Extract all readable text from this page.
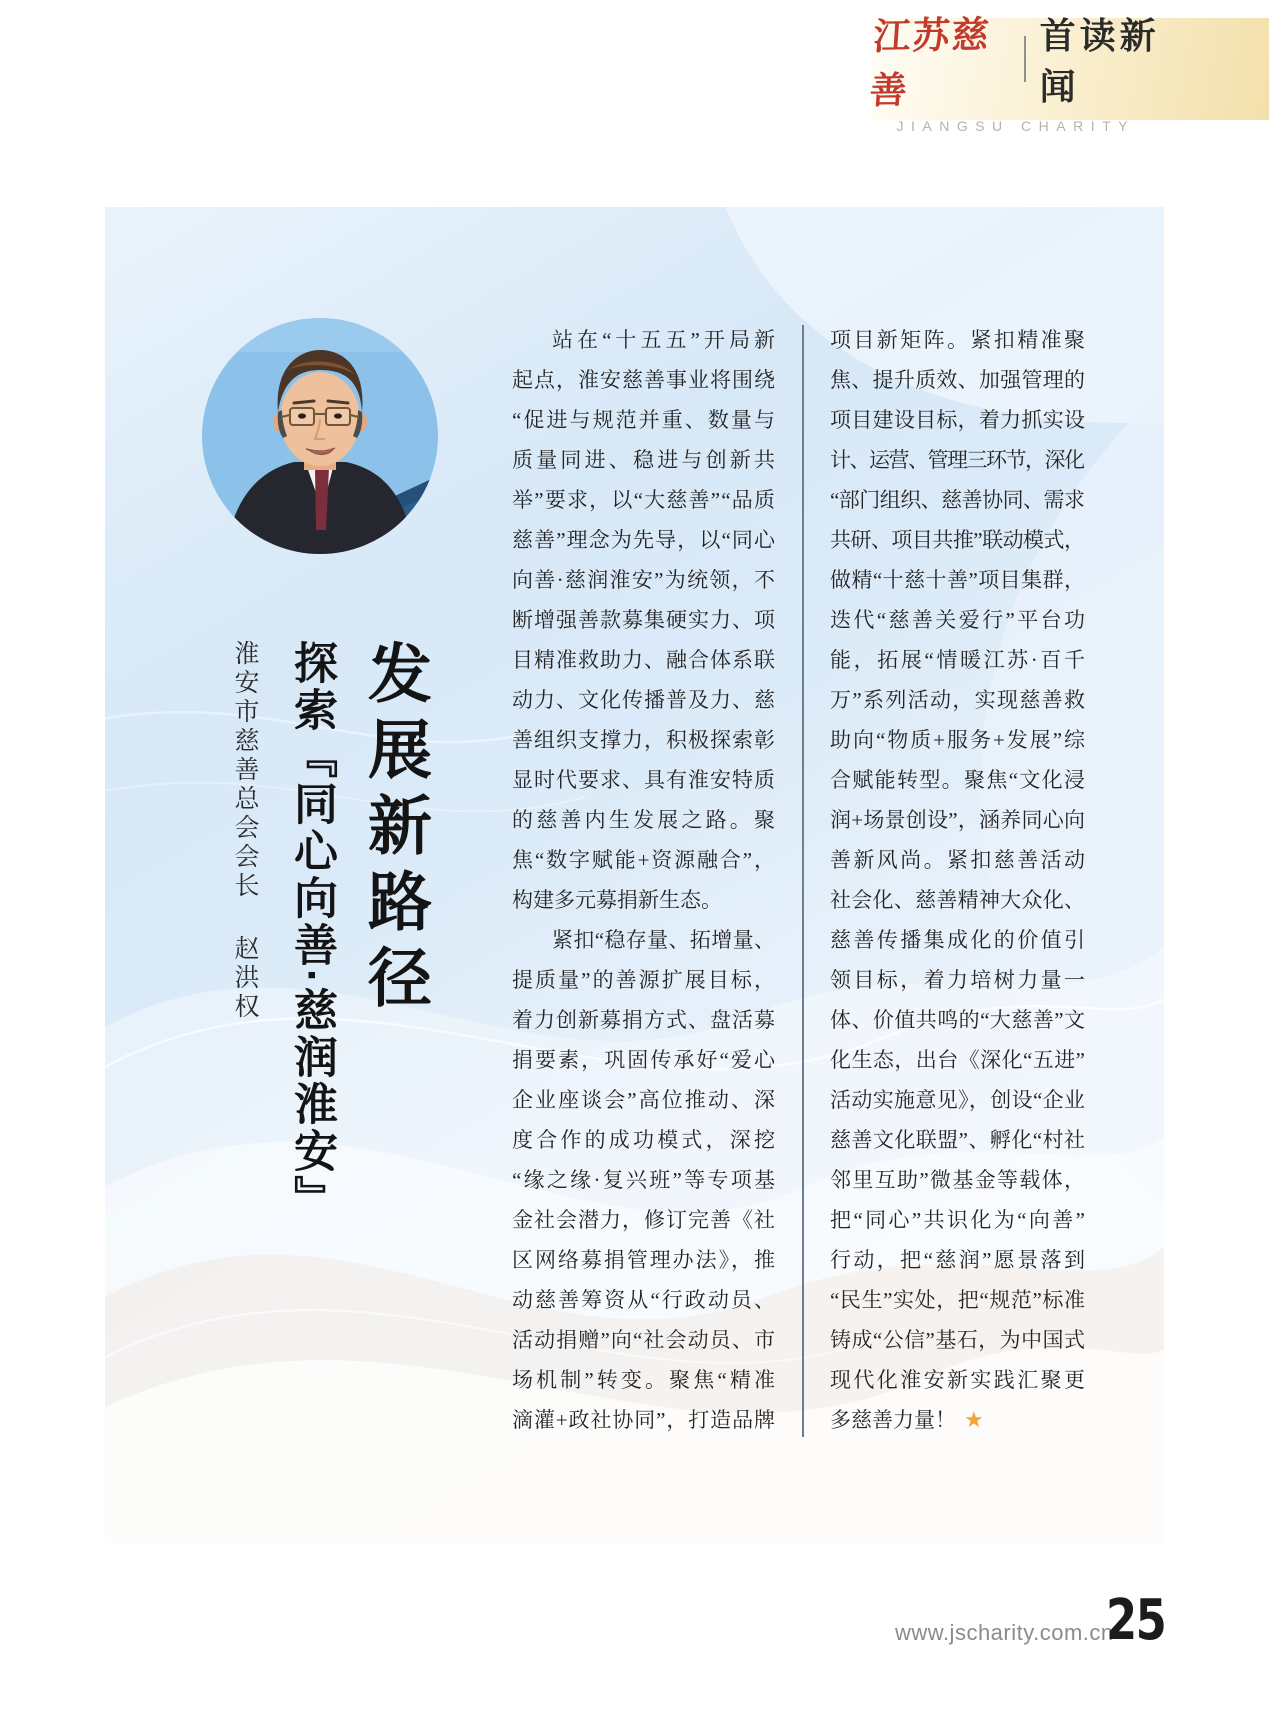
江苏慈善
首读新闻
JIANGSU CHARITY
发展新路径
探索『同心向善·慈润淮安』
淮安市慈善总会会长 赵洪权
站在“十五五”开局新
起点，淮安慈善事业将围绕
“促进与规范并重、数量与
质量同进、稳进与创新共
举”要求，以“大慈善”“品质
慈善”理念为先导，以“同心
向善·慈润淮安”为统领，不
断增强善款募集硬实力、项
目精准救助力、融合体系联
动力、文化传播普及力、慈
善组织支撑力，积极探索彰
显时代要求、具有淮安特质
的慈善内生发展之路。聚
焦“数字赋能+资源融合”，
构建多元募捐新生态。
紧扣“稳存量、拓增量、
提质量”的善源扩展目标，
着力创新募捐方式、盘活募
捐要素，巩固传承好“爱心
企业座谈会”高位推动、深
度合作的成功模式，深挖
“缘之缘·复兴班”等专项基
金社会潜力，修订完善《社
区网络募捐管理办法》，推
动慈善筹资从“行政动员、
活动捐赠”向“社会动员、市
场机制”转变。聚焦“精准
滴灌+政社协同”，打造品牌
项目新矩阵。紧扣精准聚
焦、提升质效、加强管理的
项目建设目标，着力抓实设
计、运营、管理三环节，深化
“部门组织、慈善协同、需求
共研、项目共推”联动模式，
做精“十慈十善”项目集群，
迭代“慈善关爱行”平台功
能，拓展“情暖江苏·百千
万”系列活动，实现慈善救
助向“物质+服务+发展”综
合赋能转型。聚焦“文化浸
润+场景创设”，涵养同心向
善新风尚。紧扣慈善活动
社会化、慈善精神大众化、
慈善传播集成化的价值引
领目标，着力培树力量一
体、价值共鸣的“大慈善”文
化生态，出台《深化“五进”
活动实施意见》，创设“企业
慈善文化联盟”、孵化“村社
邻里互助”微基金等载体，
把“同心”共识化为“向善”
行动，把“慈润”愿景落到
“民生”实处，把“规范”标准
铸成“公信”基石，为中国式
现代化淮安新实践汇聚更
多慈善力量！ ★
www.jscharity.com.cn
25
